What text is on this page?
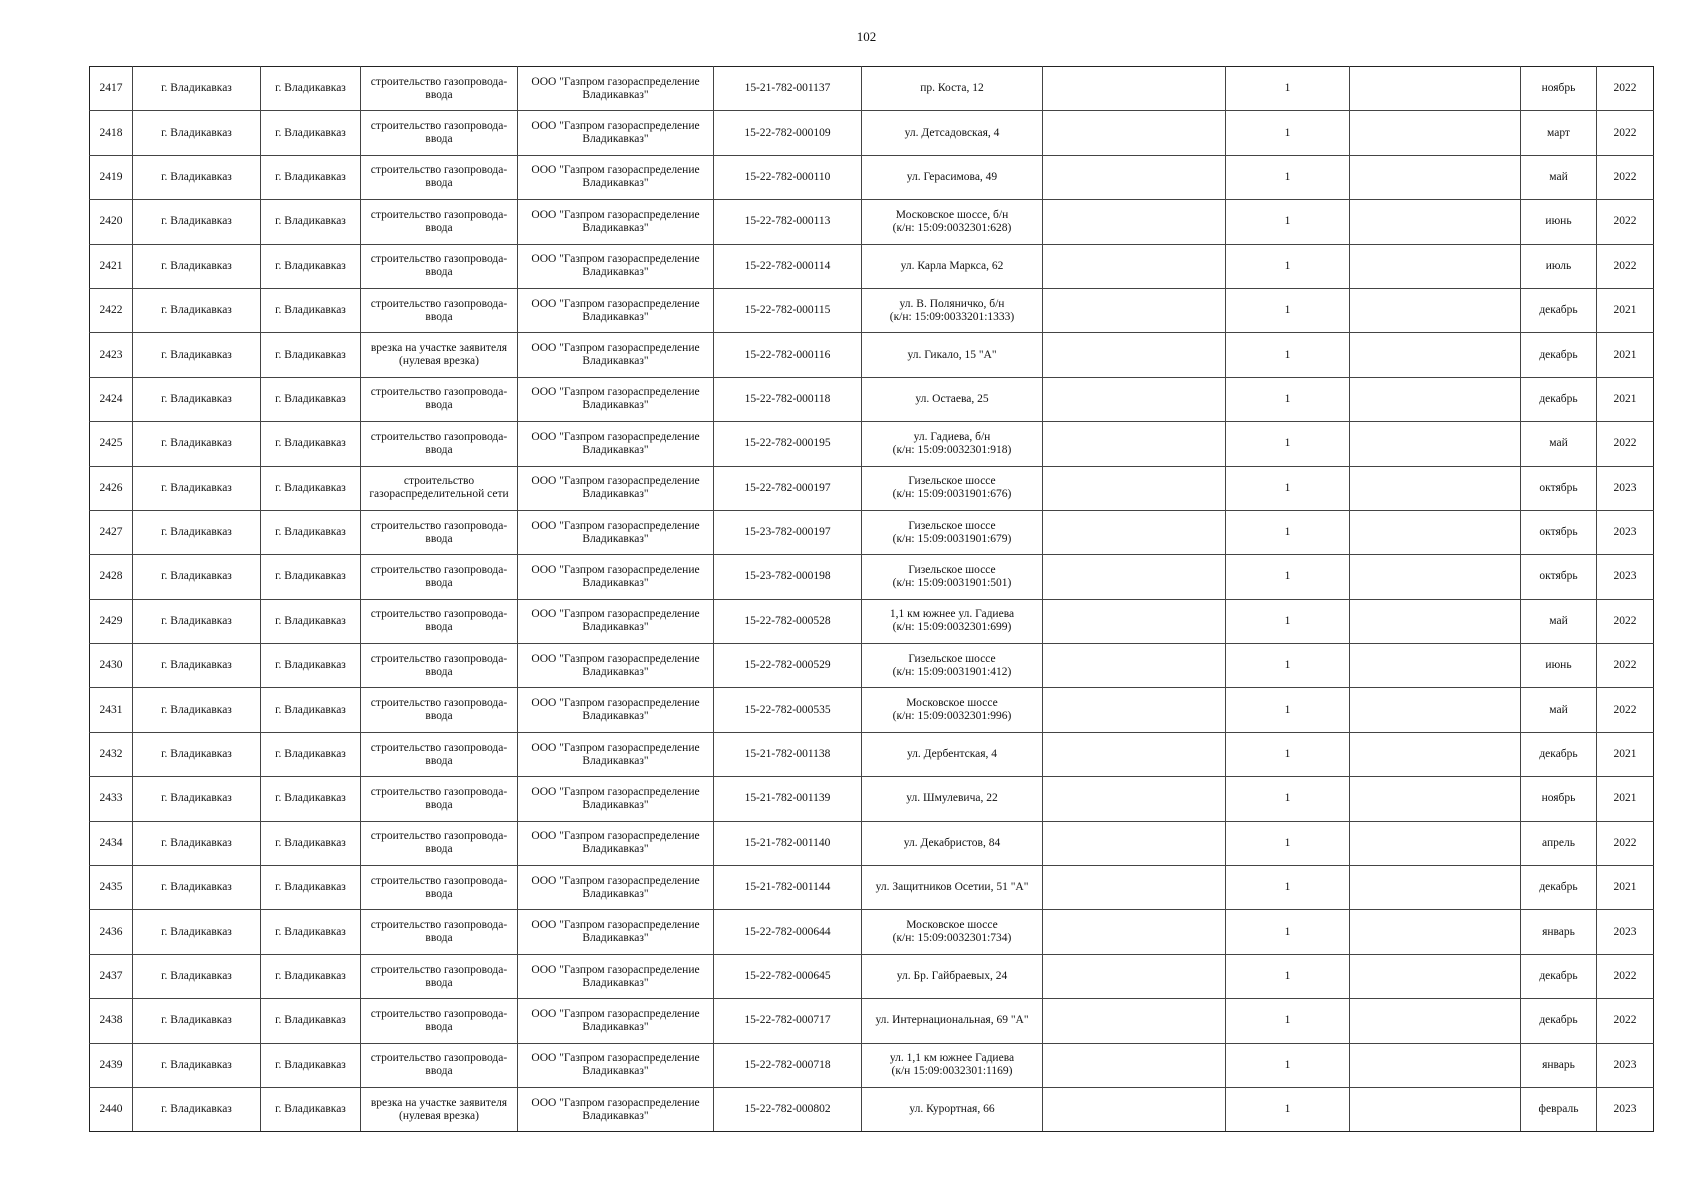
102
2417	г. Владикавказ	г. Владикавказ	строительство газопровода-
ввода	ООО "Газпром газораспределение
Владикавказ"	15-21-782-001137	пр. Коста, 12		1		ноябрь	2022
2418	г. Владикавказ	г. Владикавказ	строительство газопровода-
ввода	ООО "Газпром газораспределение
Владикавказ"	15-22-782-000109	ул. Детсадовская, 4		1		март	2022
2419	г. Владикавказ	г. Владикавказ	строительство газопровода-
ввода	ООО "Газпром газораспределение
Владикавказ"	15-22-782-000110	ул. Герасимова, 49		1		май	2022
2420	г. Владикавказ	г. Владикавказ	строительство газопровода-
ввода	ООО "Газпром газораспределение
Владикавказ"	15-22-782-000113	Московское шоссе, б/н
(к/н: 15:09:0032301:628)		1		июнь	2022
2421	г. Владикавказ	г. Владикавказ	строительство газопровода-
ввода	ООО "Газпром газораспределение
Владикавказ"	15-22-782-000114	ул. Карла Маркса, 62		1		июль	2022
2422	г. Владикавказ	г. Владикавказ	строительство газопровода-
ввода	ООО "Газпром газораспределение
Владикавказ"	15-22-782-000115	ул. В. Поляничко, б/н
(к/н: 15:09:0033201:1333)		1		декабрь	2021
2423	г. Владикавказ	г. Владикавказ	врезка на участке заявителя
(нулевая врезка)	ООО "Газпром газораспределение
Владикавказ"	15-22-782-000116	ул. Гикало, 15 "А"		1		декабрь	2021
2424	г. Владикавказ	г. Владикавказ	строительство газопровода-
ввода	ООО "Газпром газораспределение
Владикавказ"	15-22-782-000118	ул. Остаева, 25		1		декабрь	2021
2425	г. Владикавказ	г. Владикавказ	строительство газопровода-
ввода	ООО "Газпром газораспределение
Владикавказ"	15-22-782-000195	ул. Гадиева, б/н
(к/н: 15:09:0032301:918)		1		май	2022
2426	г. Владикавказ	г. Владикавказ	строительство
газораспределительной сети	ООО "Газпром газораспределение
Владикавказ"	15-22-782-000197	Гизельское шоссе
(к/н: 15:09:0031901:676)		1		октябрь	2023
2427	г. Владикавказ	г. Владикавказ	строительство газопровода-
ввода	ООО "Газпром газораспределение
Владикавказ"	15-23-782-000197	Гизельское шоссе
(к/н: 15:09:0031901:679)		1		октябрь	2023
2428	г. Владикавказ	г. Владикавказ	строительство газопровода-
ввода	ООО "Газпром газораспределение
Владикавказ"	15-23-782-000198	Гизельское шоссе
(к/н: 15:09:0031901:501)		1		октябрь	2023
2429	г. Владикавказ	г. Владикавказ	строительство газопровода-
ввода	ООО "Газпром газораспределение
Владикавказ"	15-22-782-000528	1,1 км южнее ул. Гадиева
(к/н: 15:09:0032301:699)		1		май	2022
2430	г. Владикавказ	г. Владикавказ	строительство газопровода-
ввода	ООО "Газпром газораспределение
Владикавказ"	15-22-782-000529	Гизельское шоссе
(к/н: 15:09:0031901:412)		1		июнь	2022
2431	г. Владикавказ	г. Владикавказ	строительство газопровода-
ввода	ООО "Газпром газораспределение
Владикавказ"	15-22-782-000535	Московское шоссе
(к/н: 15:09:0032301:996)		1		май	2022
2432	г. Владикавказ	г. Владикавказ	строительство газопровода-
ввода	ООО "Газпром газораспределение
Владикавказ"	15-21-782-001138	ул. Дербентская, 4		1		декабрь	2021
2433	г. Владикавказ	г. Владикавказ	строительство газопровода-
ввода	ООО "Газпром газораспределение
Владикавказ"	15-21-782-001139	ул. Шмулевича, 22		1		ноябрь	2021
2434	г. Владикавказ	г. Владикавказ	строительство газопровода-
ввода	ООО "Газпром газораспределение
Владикавказ"	15-21-782-001140	ул. Декабристов, 84		1		апрель	2022
2435	г. Владикавказ	г. Владикавказ	строительство газопровода-
ввода	ООО "Газпром газораспределение
Владикавказ"	15-21-782-001144	ул. Защитников Осетии, 51 "А"		1		декабрь	2021
2436	г. Владикавказ	г. Владикавказ	строительство газопровода-
ввода	ООО "Газпром газораспределение
Владикавказ"	15-22-782-000644	Московское шоссе
(к/н: 15:09:0032301:734)		1		январь	2023
2437	г. Владикавказ	г. Владикавказ	строительство газопровода-
ввода	ООО "Газпром газораспределение
Владикавказ"	15-22-782-000645	ул. Бр. Гайбраевых, 24		1		декабрь	2022
2438	г. Владикавказ	г. Владикавказ	строительство газопровода-
ввода	ООО "Газпром газораспределение
Владикавказ"	15-22-782-000717	ул. Интернациональная, 69 "А"		1		декабрь	2022
2439	г. Владикавказ	г. Владикавказ	строительство газопровода-
ввода	ООО "Газпром газораспределение
Владикавказ"	15-22-782-000718	ул. 1,1 км южнее Гадиева
(к/н 15:09:0032301:1169)		1		январь	2023
2440	г. Владикавказ	г. Владикавказ	врезка на участке заявителя
(нулевая врезка)	ООО "Газпром газораспределение
Владикавказ"	15-22-782-000802	ул. Курортная, 66		1		февраль	2023
